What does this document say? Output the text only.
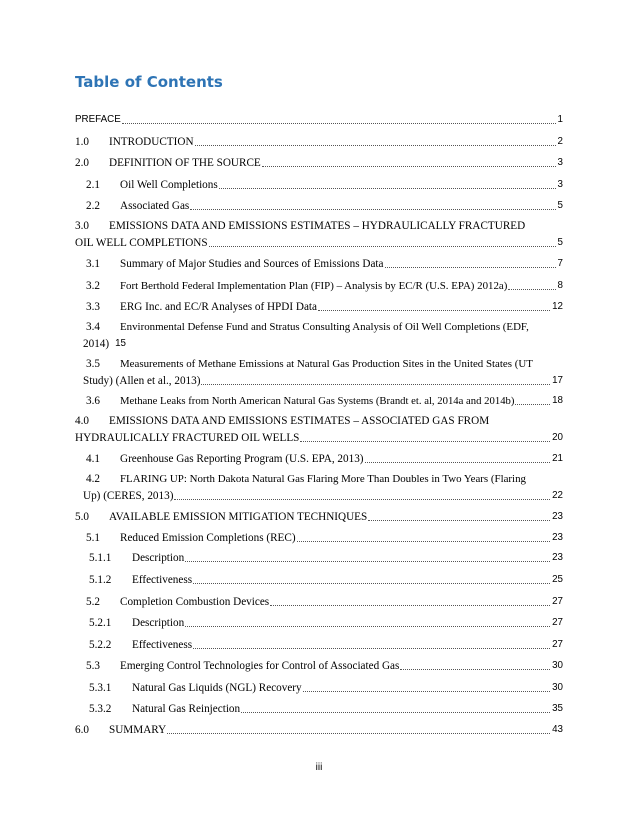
Table of Contents
PREFACE	1
1.0	INTRODUCTION	2
2.0	DEFINITION OF THE SOURCE	3
2.1	Oil Well Completions	3
2.2	Associated Gas	5
3.0 EMISSIONS DATA AND EMISSIONS ESTIMATES – HYDRAULICALLY FRACTURED
OIL WELL COMPLETIONS	5
3.1	Summary of Major Studies and Sources of Emissions Data	7
3.2	Fort Berthold Federal Implementation Plan (FIP) – Analysis by EC/R (U.S. EPA) 2012a)	8
3.3	ERG Inc. and EC/R Analyses of HPDI Data	12
3.4 Environmental Defense Fund and Stratus Consulting Analysis of Oil Well Completions (EDF,
2014) 15
3.5 Measurements of Methane Emissions at Natural Gas Production Sites in the United States (UT
Study) (Allen et al., 2013)	17
3.6	Methane Leaks from North American Natural Gas Systems (Brandt et. al, 2014a and 2014b)	18
4.0 EMISSIONS DATA AND EMISSIONS ESTIMATES – ASSOCIATED GAS FROM
HYDRAULICALLY FRACTURED OIL WELLS	20
4.1	Greenhouse Gas Reporting Program (U.S. EPA, 2013)	21
4.2 FLARING UP: North Dakota Natural Gas Flaring More Than Doubles in Two Years (Flaring
Up) (CERES, 2013)	22
5.0	AVAILABLE EMISSION MITIGATION TECHNIQUES	23
5.1	Reduced Emission Completions (REC)	23
5.1.1	Description	23
5.1.2	Effectiveness	25
5.2	Completion Combustion Devices	27
5.2.1	Description	27
5.2.2	Effectiveness	27
5.3	Emerging Control Technologies for Control of Associated Gas	30
5.3.1	Natural Gas Liquids (NGL) Recovery	30
5.3.2	Natural Gas Reinjection	35
6.0	SUMMARY	43
iii
